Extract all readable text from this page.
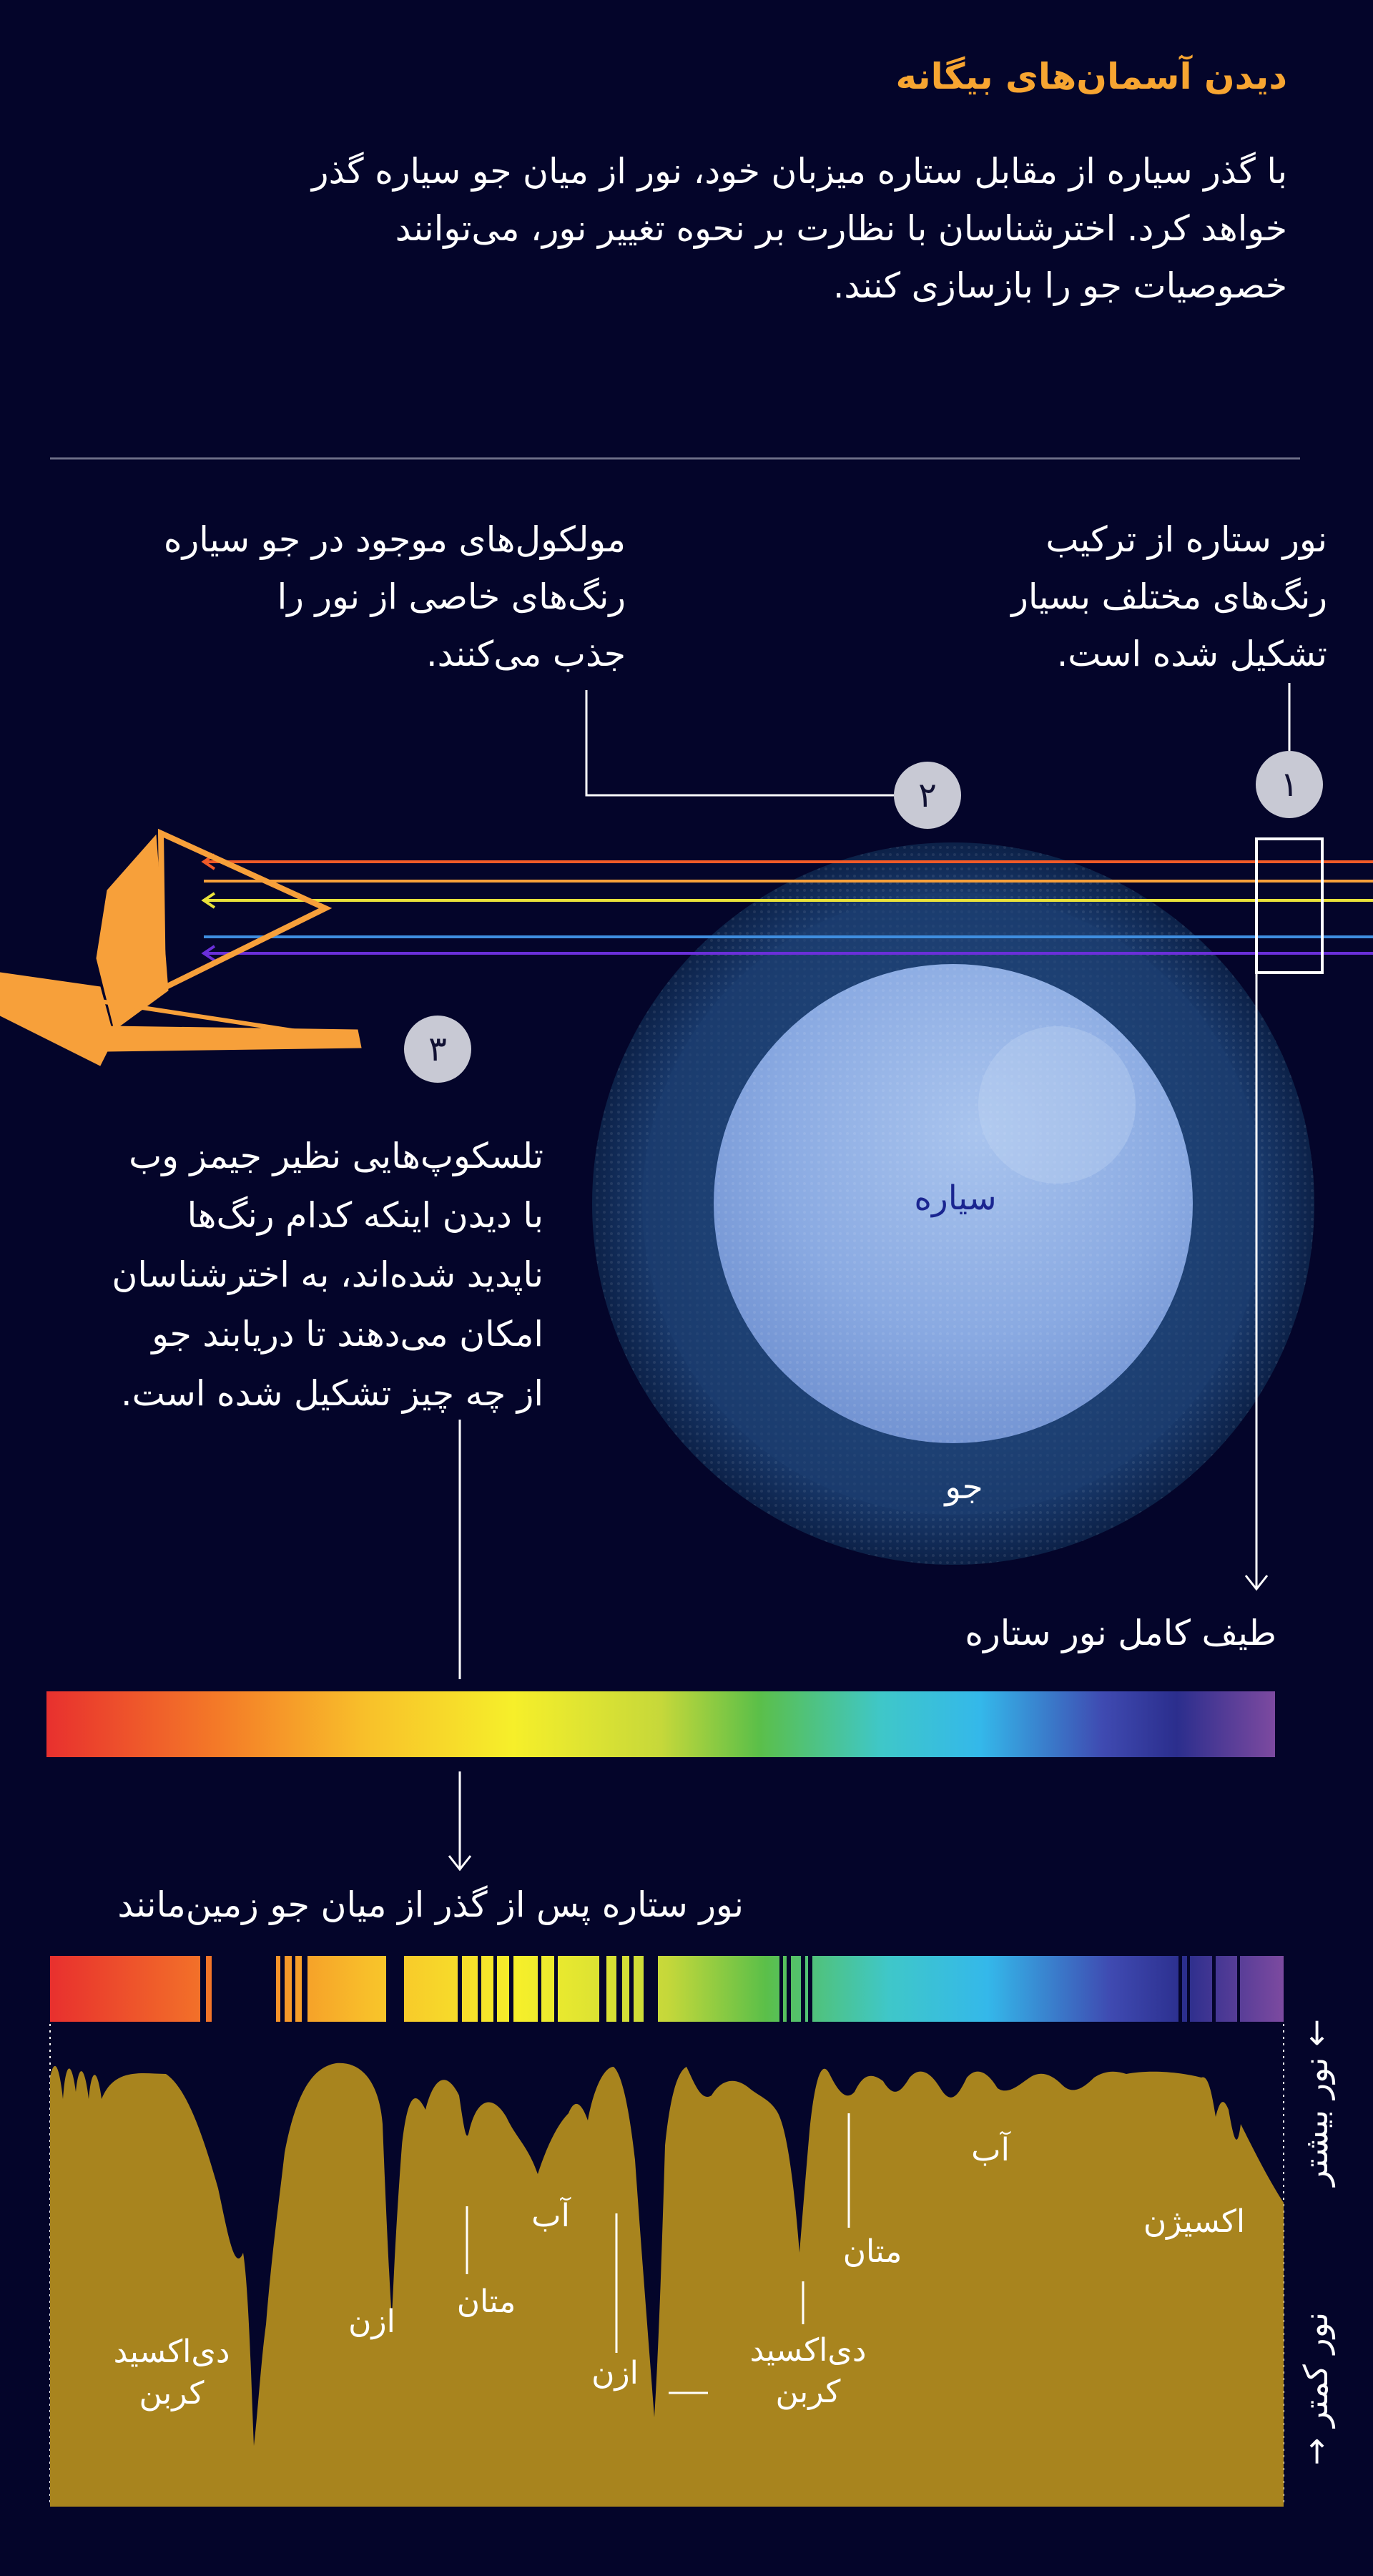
دیدن آسمان‌های بیگانه
با گذر سیاره از مقابل ستاره میزبان خود، نور از میان جو سیاره گذر
خواهد کرد. اخترشناسان با نظارت بر نحوه تغییر نور، می‌توانند
خصوصیات جو را بازسازی کنند.
نور ستاره از ترکیب
رنگ‌های مختلف بسیار
تشکیل شده است.
مولکول‌های موجود در جو سیاره
رنگ‌های خاصی از نور را
جذب می‌کنند.
تلسکوپ‌هایی نظیر جیمز وب
با دیدن اینکه کدام رنگ‌ها
ناپدید شده‌اند، به اخترشناسان
امکان می‌دهند تا دریابند جو
از چه چیز تشکیل شده است.
۱
۲
۳
سیاره
جو
طیف کامل نور ستاره
نور ستاره پس از گذر از میان جو زمین‌مانند
← نور بیشتر
نور کمتر →
دی‌اکسید
کربن
ازن
متان
آب
ازن
دی‌اکسید
کربن
متان
آب
اکسیژن
